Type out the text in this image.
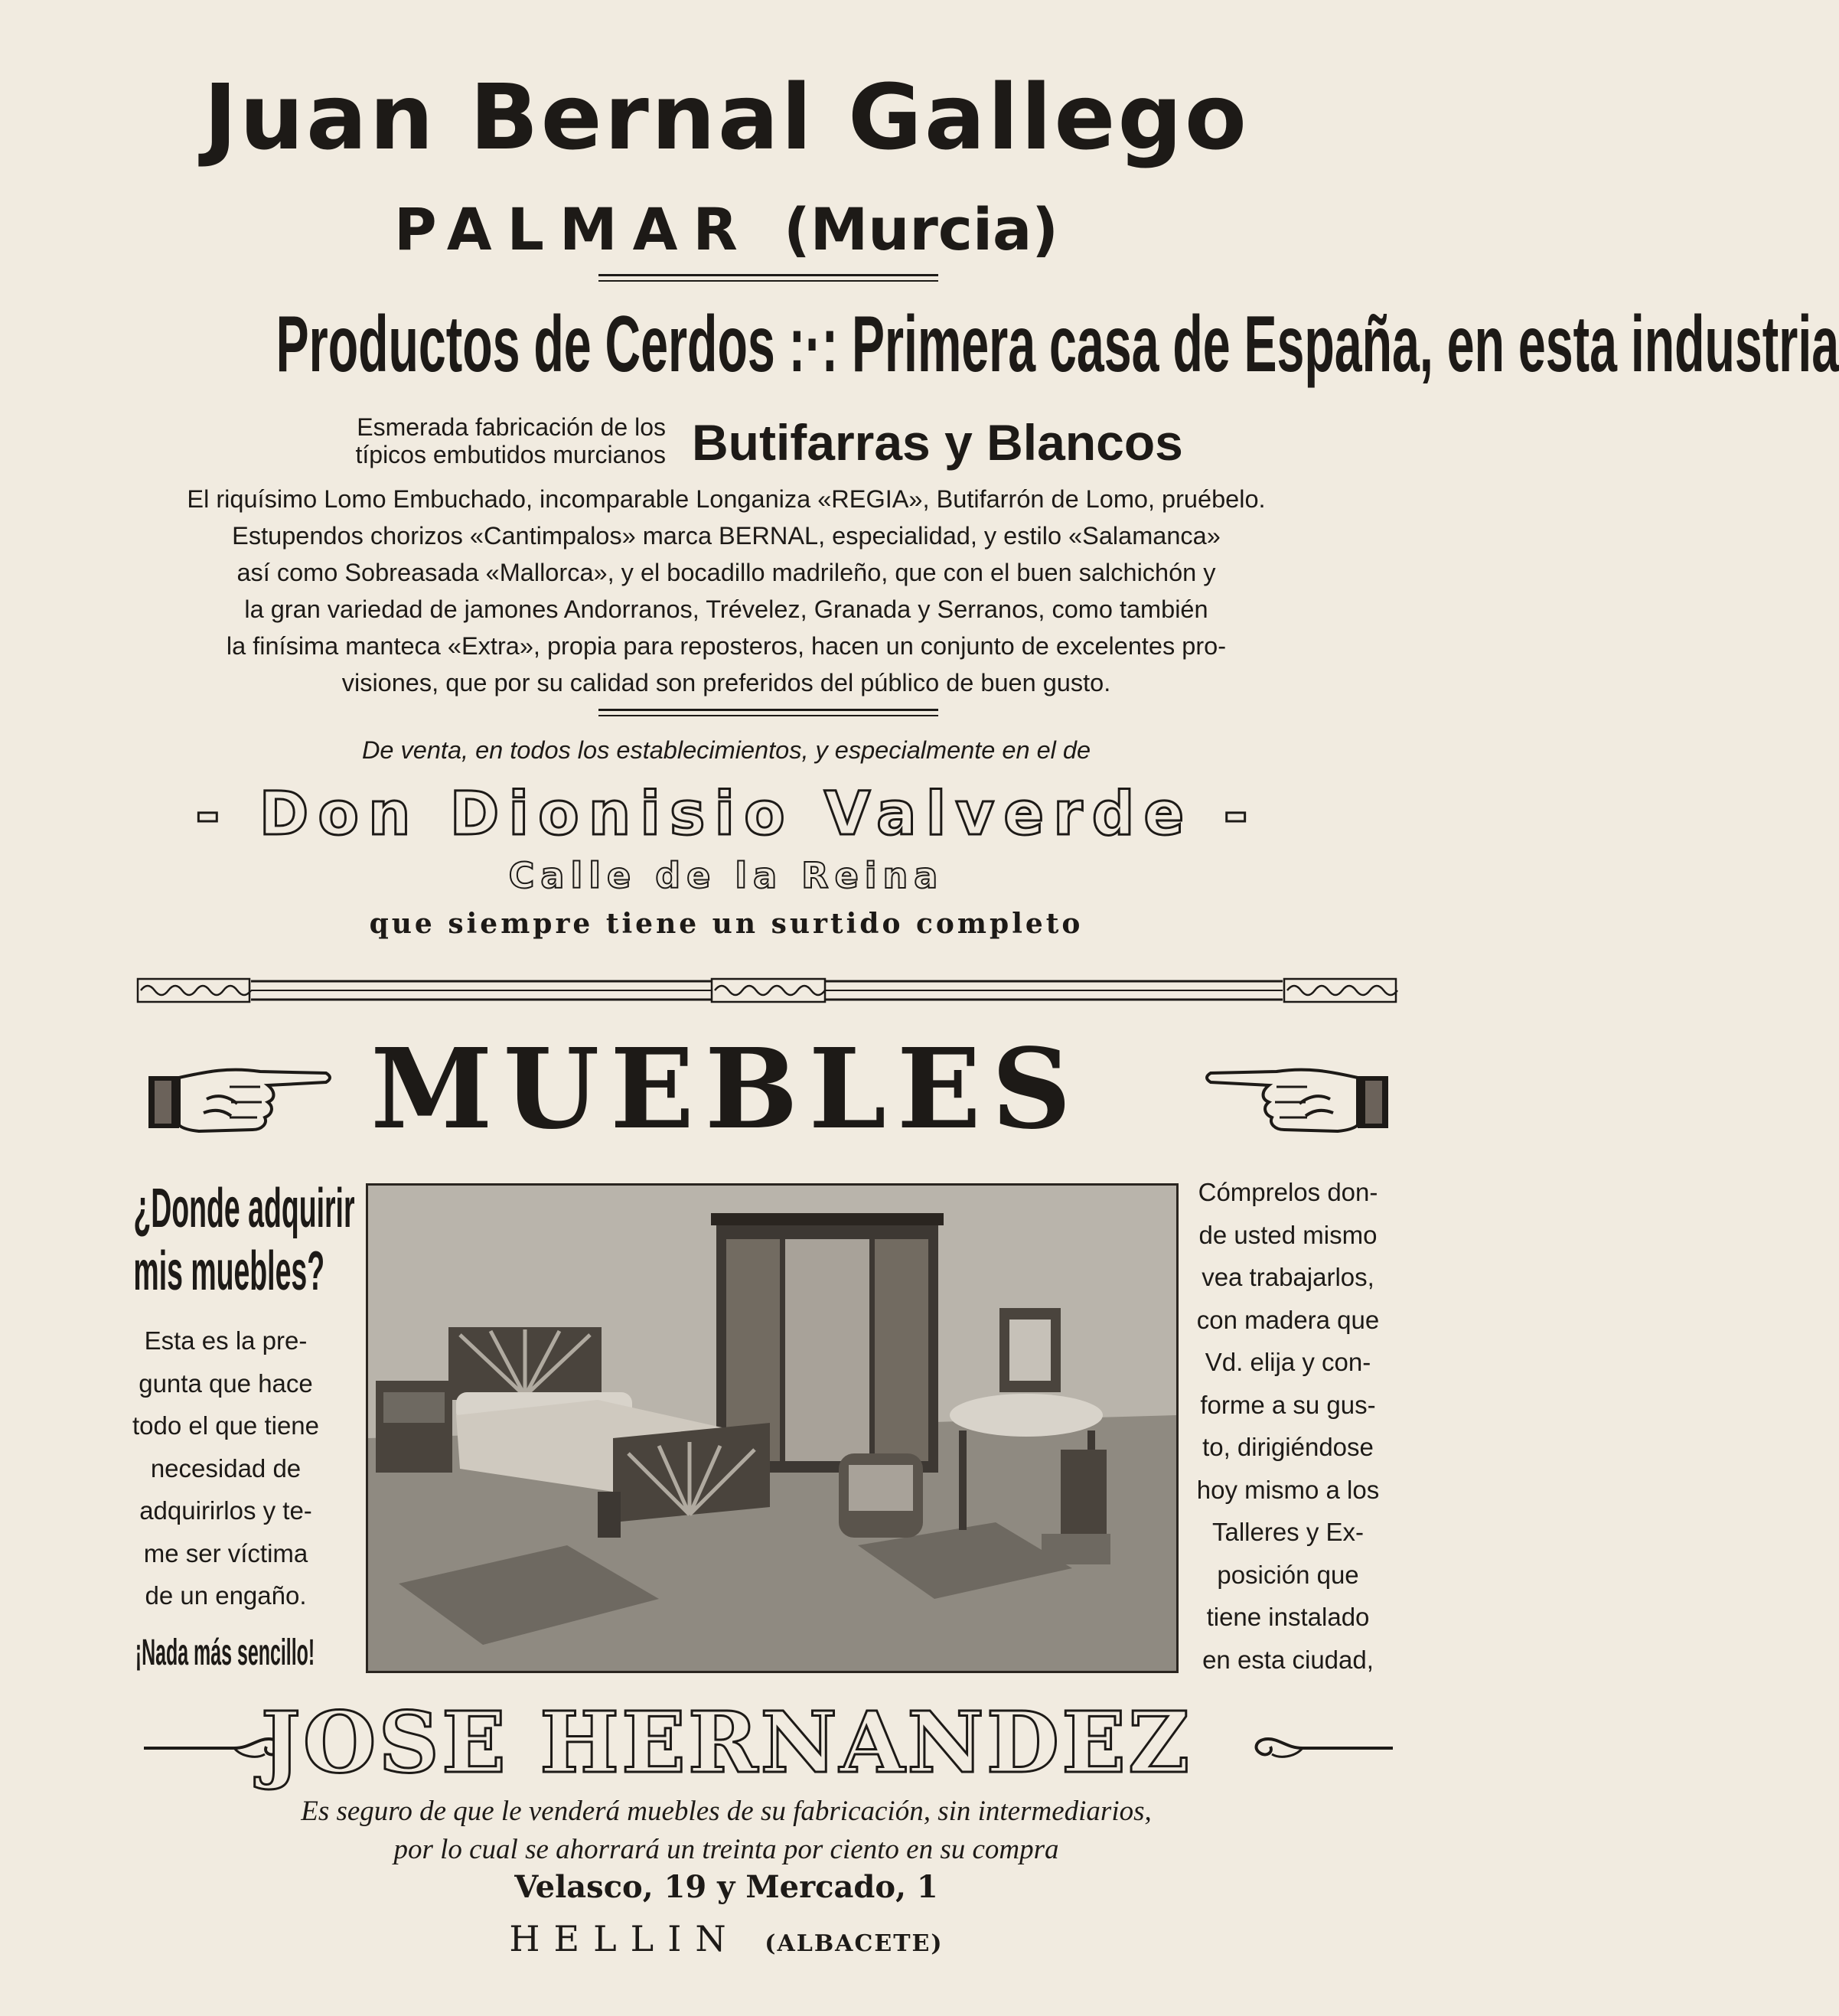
Juan Bernal Gallego
PALMAR (Murcia)
Productos de Cerdos :·: Primera casa de España, en esta industria
Esmerada fabricación de los
típicos embutidos murcianos Butifarras y Blancos
El riquísimo Lomo Embuchado, incomparable Longaniza «REGIA», Butifarrón de Lomo, pruébelo.
Estupendos chorizos «Cantimpalos» marca BERNAL, especialidad, y estilo «Salamanca»
así como Sobreasada «Mallorca», y el bocadillo madrileño, que con el buen salchichón y
la gran variedad de jamones Andorranos, Trévelez, Granada y Serranos, como también
la finísima manteca «Extra», propia para reposteros, hacen un conjunto de excelentes pro-
visiones, que por su calidad son preferidos del público de buen gusto.
De venta, en todos los establecimientos, y especialmente en el de
- Don Dionisio Valverde -
Calle de la Reina
que siempre tiene un surtido completo
MUEBLES
¿Donde adquirir
mis muebles?
Esta es la pre-
gunta que hace
todo el que tiene
necesidad de
adquirirlos y te-
me ser víctima
de un engaño.
¡Nada más sencillo!
Cómprelos don-
de usted mismo
vea trabajarlos,
con madera que
Vd. elija y con-
forme a su gus-
to, dirigiéndose
hoy mismo a los
Talleres y Ex-
posición que
tiene instalado
en esta ciudad,
JOSE HERNANDEZ
Es seguro de que le venderá muebles de su fabricación, sin intermediarios,
por lo cual se ahorrará un treinta por ciento en su compra
Velasco, 19 y Mercado, 1
HELLIN (ALBACETE)
